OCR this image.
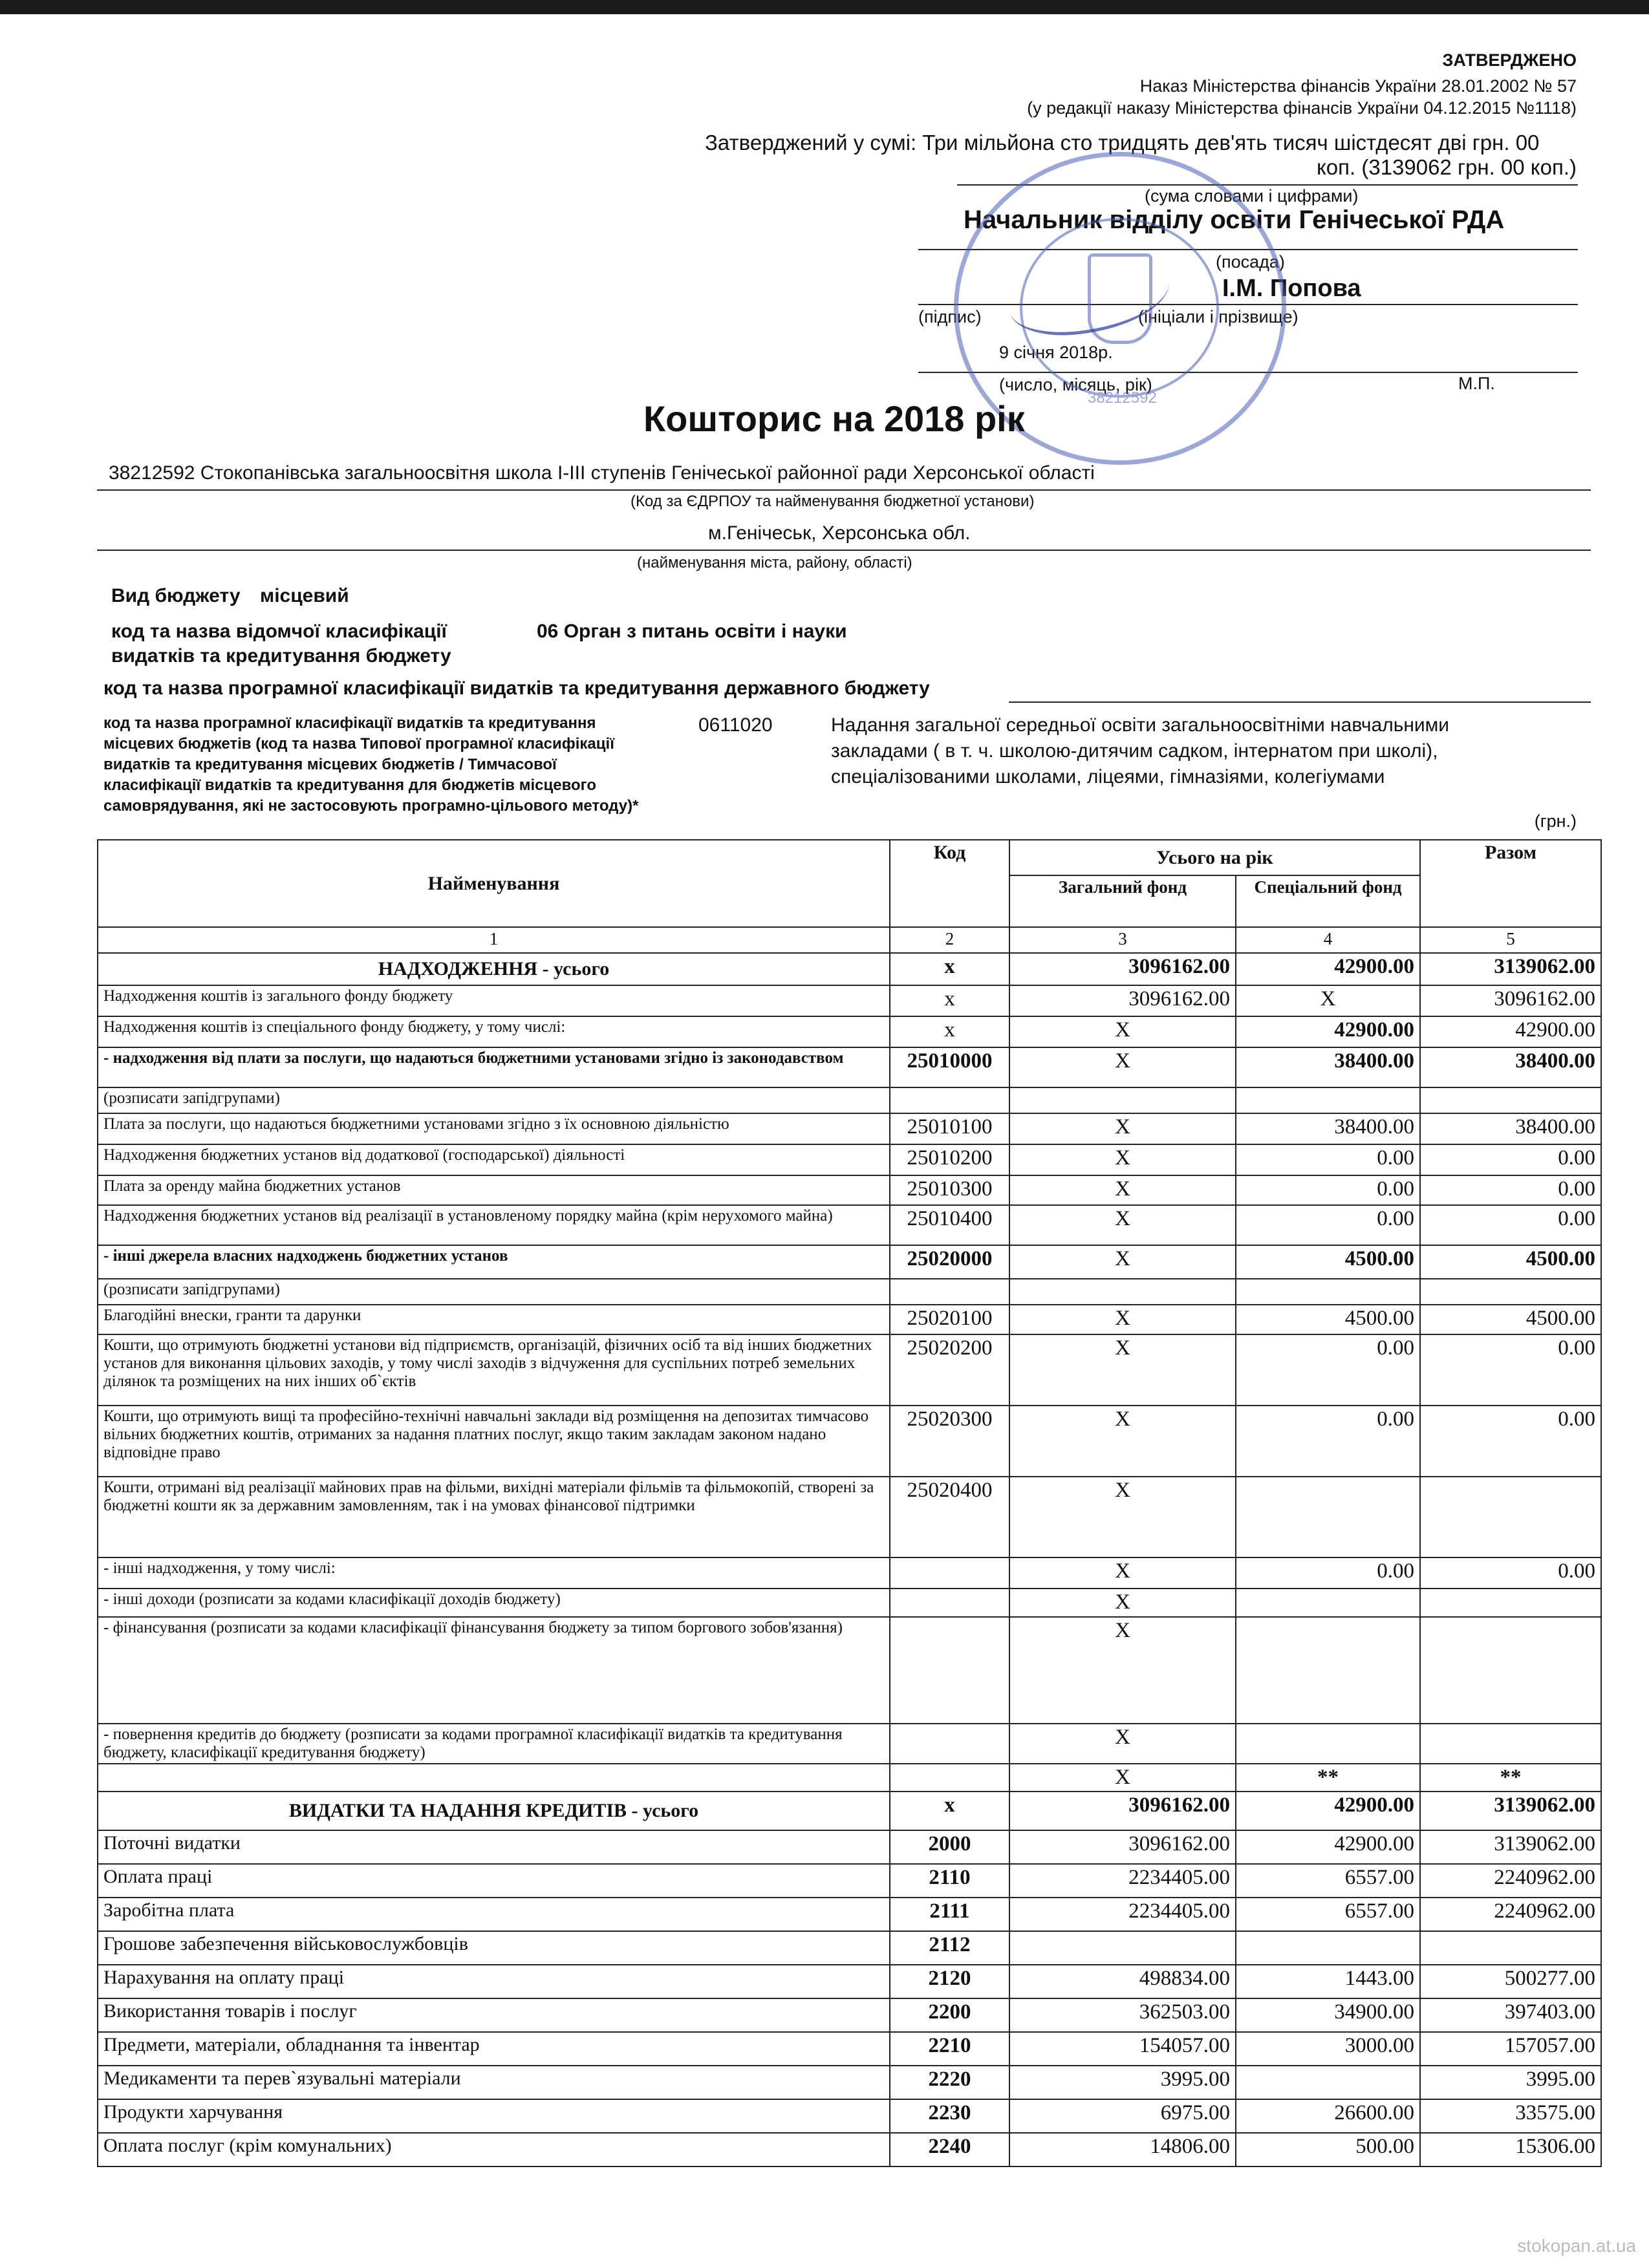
ЗАТВЕРДЖЕНО
Наказ Міністерства фінансів України 28.01.2002 № 57
(у редакції наказу Міністерства фінансів України 04.12.2015 №1118)
Затверджений у сумі: Три мільйона сто тридцять дев'ять тисяч шістдесят дві грн. 00
коп. (3139062 грн. 00 коп.)
(сума словами і цифрами)
Начальник відділу освіти Генічеської РДА
(посада)
І.М. Попова
(підпис)	(ініціали і прізвище)
9 січня 2018р.
(число, місяць, рік)	М.П.
38212592
Кошторис на 2018 рік
38212592 Стокопанівська загальноосвітня школа І-ІІІ ступенів Генічеської районної ради Херсонської області
(Код за ЄДРПОУ та найменування бюджетної установи)
м.Генічеськ, Херсонська обл.
(найменування міста, району, області)
Вид бюджету місцевий
код та назва відомчої класифікації
видатків та кредитування бюджету
06 Орган з питань освіти і науки
код та назва програмної класифікації видатків та кредитування державного бюджету
код та назва програмної класифікації видатків та кредитування
місцевих бюджетів (код та назва Типової програмної класифікації
видатків та кредитування місцевих бюджетів / Тимчасової
класифікації видатків та кредитування для бюджетів місцевого
самоврядування, які не застосовують програмно-цільового методу)*
0611020	Надання загальної середньої освіти загальноосвітніми навчальними
закладами ( в т. ч. школою-дитячим садком, інтернатом при школі),
спеціалізованими школами, ліцеями, гімназіями, колегіумами
(грн.)
Найменування	Код	Усього на рік		Разом
		Загальний фонд	Спеціальний фонд	
1	2	3	4	5
НАДХОДЖЕННЯ - усього	х	3096162.00	42900.00	3139062.00
Надходження коштів із загального фонду бюджету	х	3096162.00	Х	3096162.00
Надходження коштів із спеціального фонду бюджету, у тому числі:	х	Х	42900.00	42900.00
- надходження від плати за послуги, що надаються бюджетними установами згідно із законодавством	25010000	Х	38400.00	38400.00
(розписати запідгрупами)				
Плата за послуги, що надаються бюджетними установами згідно з їх основною діяльністю	25010100	Х	38400.00	38400.00
Надходження бюджетних установ від додаткової (господарської) діяльності	25010200	Х	0.00	0.00
Плата за оренду майна бюджетних установ	25010300	Х	0.00	0.00
Надходження бюджетних установ від реалізації в установленому порядку майна (крім нерухомого майна)	25010400	Х	0.00	0.00
- інші джерела власних надходжень бюджетних установ	25020000	Х	4500.00	4500.00
(розписати запідгрупами)				
Благодійні внески, гранти та дарунки	25020100	Х	4500.00	4500.00
Кошти, що отримують бюджетні установи від підприємств, організацій, фізичних осіб та від інших бюджетних установ для виконання цільових заходів, у тому числі заходів з відчуження для суспільних потреб земельних ділянок та розміщених на них інших об`єктів	25020200	Х	0.00	0.00
Кошти, що отримують вищі та професійно-технічні навчальні заклади від розміщення на депозитах тимчасово вільних бюджетних коштів, отриманих за надання платних послуг, якщо таким закладам законом надано відповідне право	25020300	Х	0.00	0.00
Кошти, отримані від реалізації майнових прав на фільми, вихідні матеріали фільмів та фільмокопій, створені за бюджетні кошти як за державним замовленням, так і на умовах фінансової підтримки	25020400	Х		
- інші надходження, у тому числі:		Х	0.00	0.00
- інші доходи (розписати за кодами класифікації доходів бюджету)		Х		
- фінансування (розписати за кодами класифікації фінансування бюджету за типом боргового зобов'язання)		Х		
- повернення кредитів до бюджету (розписати за кодами програмної класифікації видатків та кредитування бюджету, класифікації кредитування бюджету)		Х		
		Х	**	**
ВИДАТКИ ТА НАДАННЯ КРЕДИТІВ - усього	х	3096162.00	42900.00	3139062.00
Поточні видатки	2000	3096162.00	42900.00	3139062.00
Оплата праці	2110	2234405.00	6557.00	2240962.00
Заробітна плата	2111	2234405.00	6557.00	2240962.00
Грошове забезпечення військовослужбовців	2112			
Нарахування на оплату праці	2120	498834.00	1443.00	500277.00
Використання товарів і послуг	2200	362503.00	34900.00	397403.00
Предмети, матеріали, обладнання та інвентар	2210	154057.00	3000.00	157057.00
Медикаменти та перев`язувальні матеріали	2220	3995.00		3995.00
Продукти харчування	2230	6975.00	26600.00	33575.00
Оплата послуг (крім комунальних)	2240	14806.00	500.00	15306.00
stokopan.at.ua
